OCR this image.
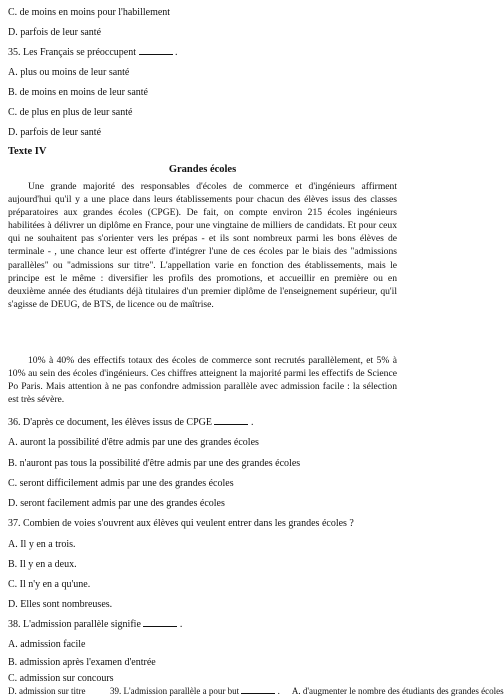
C. de moins en moins pour l'habillement
D. parfois de leur santé
35. Les Français se préoccupent	.
A. plus ou moins de leur santé
B. de moins en moins de leur santé
C. de plus en plus de leur santé
D. parfois de leur santé
Texte IV
Grandes écoles
Une grande majorité des responsables d'écoles de commerce et d'ingénieurs affirment aujourd'hui qu'il y a une place dans leurs établissements pour chacun des élèves issus des classes préparatoires aux grandes écoles (CPGE). De fait, on compte environ 215 écoles ingénieurs habilitées à délivrer un diplôme en France, pour une vingtaine de milliers de candidats. Et pour ceux qui ne souhaitent pas s'orienter vers les prépas - et ils sont nombreux parmi les bons élèves de terminale - , une chance leur est offerte d'intégrer l'une de ces écoles par le biais des "admissions parallèles" ou "admissions sur titre". L'appellation varie en fonction des établissements, mais le principe est le même : diversifier les profils des promotions, et accueillir en première ou en deuxième année des étudiants déjà titulaires d'un premier diplôme de l'enseignement supérieur, qu'il s'agisse de DEUG, de BTS, de licence ou de maîtrise.
10% à 40% des effectifs totaux des écoles de commerce sont recrutés parallèlement, et 5% à 10% au sein des écoles d'ingénieurs. Ces chiffres atteignent la majorité parmi les effectifs de Science Po Paris. Mais attention à ne pas confondre admission parallèle avec admission facile : la sélection est très sévère.
36. D'après ce document, les élèves issus de CPGE	.
A. auront la possibilité d'être admis par une des grandes écoles
B. n'auront pas tous la possibilité d'être admis par une des grandes écoles
C. seront difficilement admis par une des grandes écoles
D. seront facilement admis par une des grandes écoles
37. Combien de voies s'ouvrent aux élèves qui veulent entrer dans les grandes écoles ?
A. Il y en a trois.
B. Il y en a deux.
C. Il n'y en a qu'une.
D. Elles sont nombreuses.
38. L'admission parallèle signifie	.
A. admission facile
B. admission après l'examen d'entrée
C. admission sur concours
D. admission sur titre	39. L'admission parallèle a pour but	. A. d'augmenter le nombre des étudiants des grandes écoles
